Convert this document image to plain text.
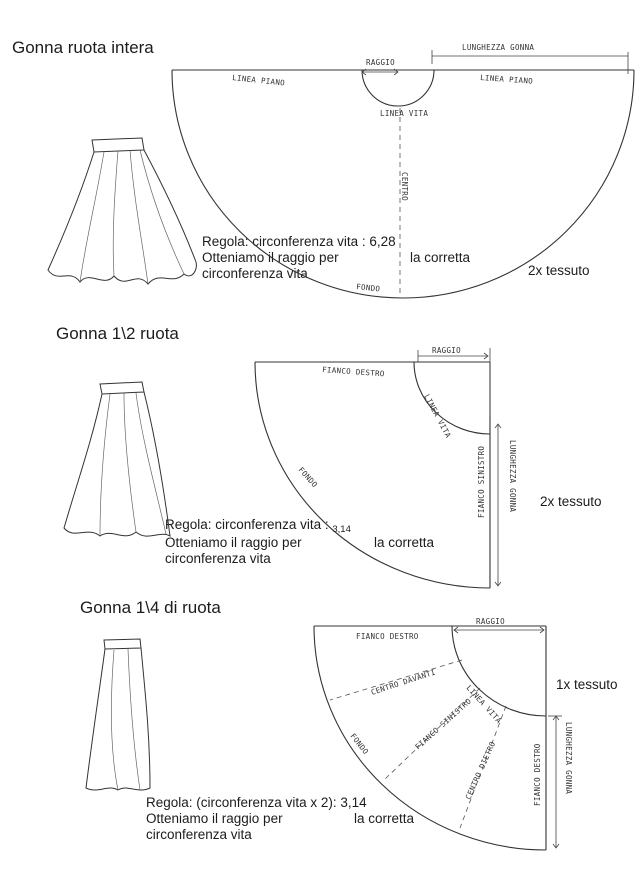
Gonna ruota intera
Regola: circonferenza vita : 6,28
Otteniamo il raggio per
circonferenza vita
la corretta
2x tessuto
Gonna 1\2 ruota
Regola: circonferenza vita : $_{3,14}$
Otteniamo il raggio per
circonferenza vita
la corretta
2x tessuto
Gonna 1\4 di ruota
Regola: (circonferenza vita x 2): 3,14
Otteniamo il raggio per
circonferenza vita
la corretta
1x tessuto
RAGGIO
LUNGHEZZA GONNA
LINEA PIANO	LINEA PIANO
LINEA VITA
CENTRO
FONDO
RAGGIO
FIANCO DESTRO
LINEA VITA
FIANCO SINISTRO	LUNGHEZZA GONNA
FONDO
RAGGIO
FIANCO DESTRO
CENTRO DAVANTI
LINEA VITA
FIANCO SINISTRO
CENTRO DIETRO	FIANCO DESTRO	LUNGHEZZA GONNA
FONDO
